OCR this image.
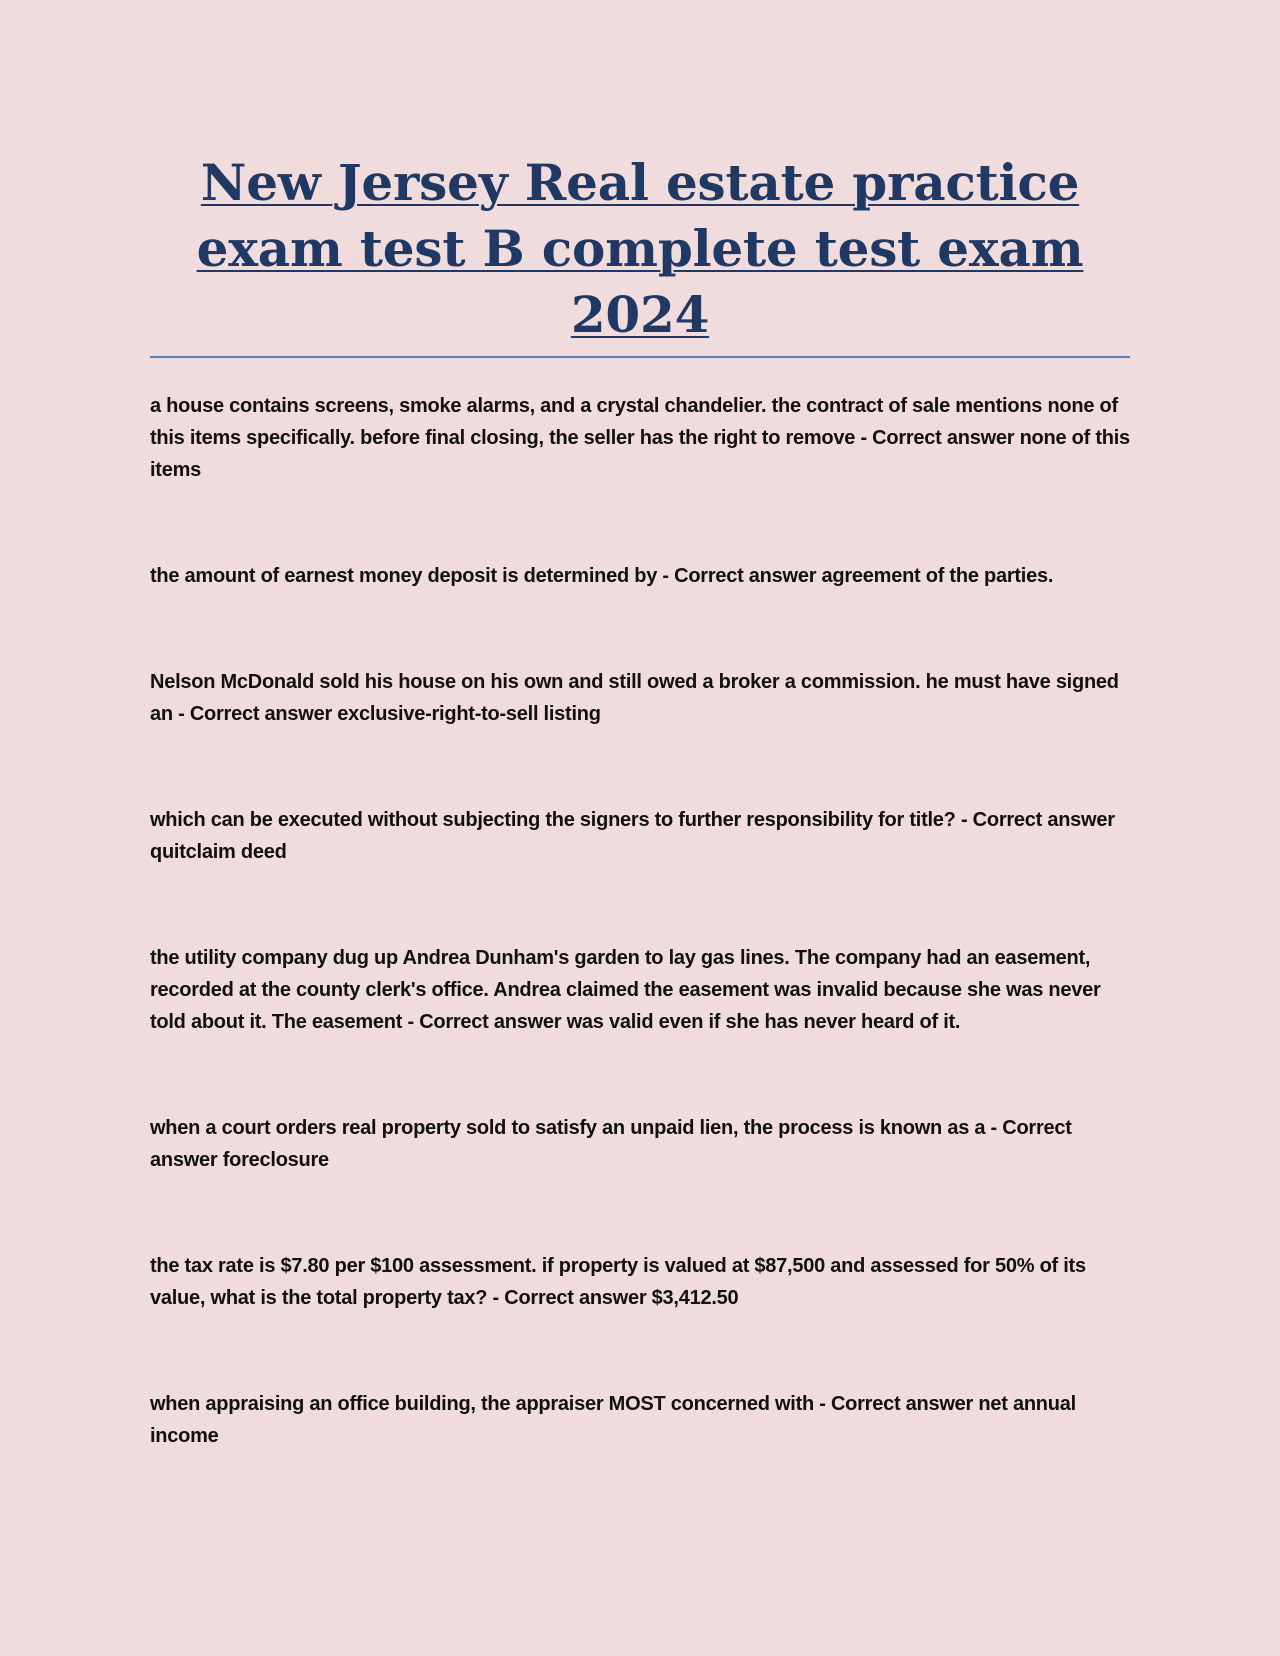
New Jersey Real estate practice exam test B complete test exam 2024

a house contains screens, smoke alarms, and a crystal chandelier. the contract of sale mentions none of this items specifically. before final closing, the seller has the right to remove - Correct answer none of this items

the amount of earnest money deposit is determined by - Correct answer agreement of the parties.

Nelson McDonald sold his house on his own and still owed a broker a commission. he must have signed an - Correct answer exclusive-right-to-sell listing

which can be executed without subjecting the signers to further responsibility for title? - Correct answer quitclaim deed

the utility company dug up Andrea Dunham's garden to lay gas lines. The company had an easement, recorded at the county clerk's office. Andrea claimed the easement was invalid because she was never told about it. The easement - Correct answer was valid even if she has never heard of it.

when a court orders real property sold to satisfy an unpaid lien, the process is known as a - Correct answer foreclosure

the tax rate is $7.80 per $100 assessment. if property is valued at $87,500 and assessed for 50% of its value, what is the total property tax? - Correct answer $3,412.50

when appraising an office building, the appraiser MOST concerned with - Correct answer net annual income
